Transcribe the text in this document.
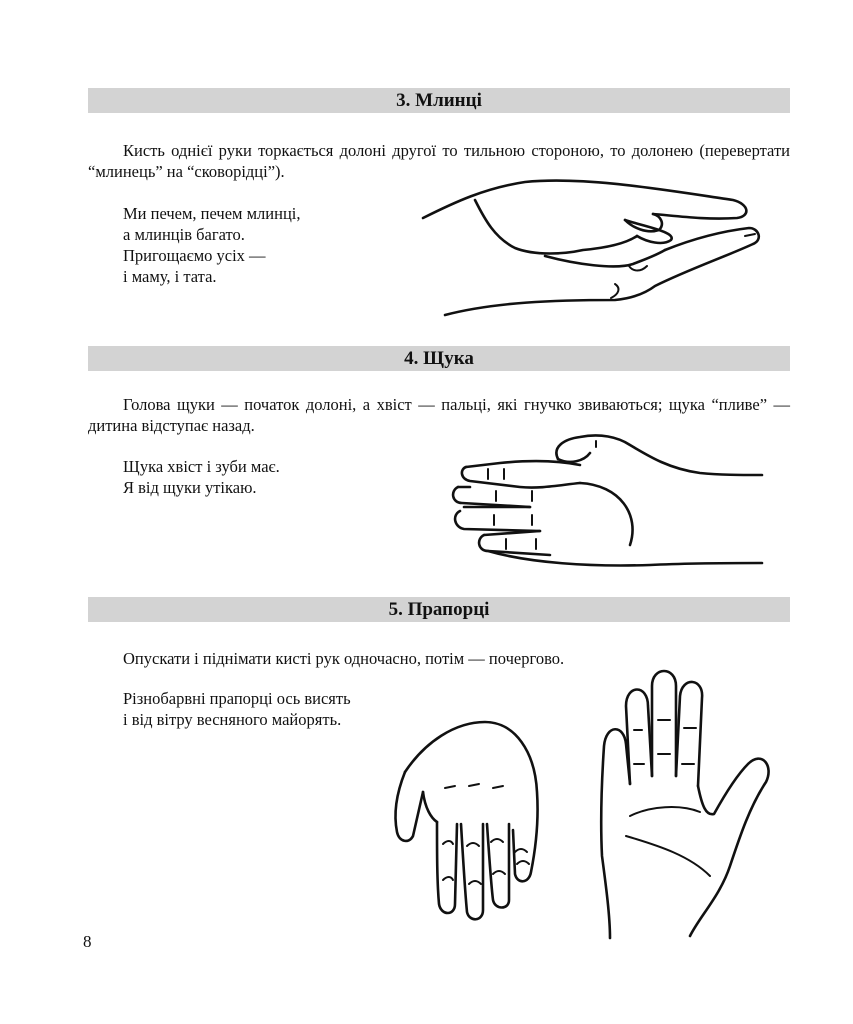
3. Млинці
Кисть однієї руки торкається долоні другої то тильною стороною, то долонею (перевертати “млинець” на “сковорідці”).
Ми печем, печем млинці,
а млинців багато.
Пригощаємо усіх —
і маму, і тата.
4. Щука
Голова щуки — початок долоні, а хвіст — пальці, які гнучко звиваються; щука “пливе” — дитина відступає назад.
Щука хвіст і зуби має.
Я від щуки утікаю.
5. Прапорці
Опускати і піднімати кисті рук одночасно, потім — почергово.
Різнобарвні прапорці ось висять
і від вітру весняного майорять.
8
